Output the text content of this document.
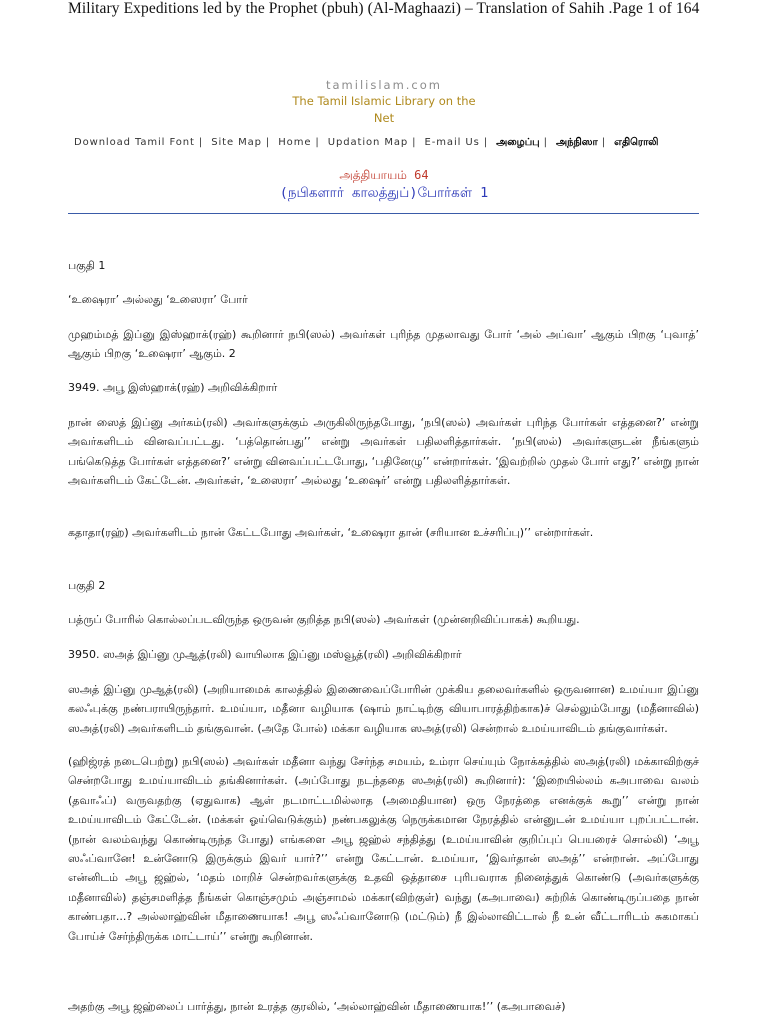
Military Expeditions led by the Prophet (pbuh) (Al-Maghaazi) – Translation of Sahih .Page 1 of 164
tamilislam.com
The Tamil Islamic Library on the
Net
Download Tamil Font | Site Map | Home | Updation Map | E-mail Us | அழைப்பு | அந்நிஸா | எதிரொலி
அத்தியாயம் 64
(நபிகளார் காலத்துப்)போர்கள் 1

பகுதி 1

‘உஷைரா’ அல்லது ‘உஸைரா’ போர்

முஹம்மத் இப்னு இஸ்ஹாக்(ரஹ்) கூறினார் நபி(ஸல்) அவர்கள் புரிந்த முதலாவது போர் ‘அல் அப்வா’ ஆகும் பிறகு ‘புவாத்’ ஆகும் பிறகு ‘உஷைரா’ ஆகும். 2

3949. அபூ இஸ்ஹாக்(ரஹ்) அறிவிக்கிறார்

நான் ஸைத் இப்னு அர்கம்(ரலி) அவர்களுக்கும் அருகிலிருந்தபோது, ‘நபி(ஸல்) அவர்கள் புரிந்த போர்கள் எத்தனை?’ என்று அவர்களிடம் வினவப்பட்டது. ‘பத்தொன்பது’’ என்று அவர்கள் பதிலளித்தார்கள். ‘நபி(ஸல்) அவர்களுடன் நீங்களும் பங்கெடுத்த போர்கள் எத்தனை?’ என்று வினவப்பட்டபோது, ‘பதினேழு’’ என்றார்கள். ‘இவற்றில் முதல் போர் எது?’ என்று நான் அவர்களிடம் கேட்டேன். அவர்கள், ‘உஸைரா’ அல்லது ‘உஷைர்’ என்று பதிலளித்தார்கள்.

கதாதா(ரஹ்) அவர்களிடம் நான் கேட்டபோது அவர்கள், ‘உஷைரா தான் (சரியான உச்சரிப்பு)’’ என்றார்கள்.

பகுதி 2

பத்ருப் போரில் கொல்லப்படவிருந்த ஒருவன் குறித்த நபி(ஸல்) அவர்கள் (முன்னறிவிப்பாகக்) கூறியது.

3950. ஸஅத் இப்னு முஆத்(ரலி) வாயிலாக இப்னு மஸ்வூத்(ரலி) அறிவிக்கிறார்

ஸஅத் இப்னு முஆத்(ரலி) (அறியாமைக் காலத்தில் இணைவைப்போரின் முக்கிய தலைவர்களில் ஒருவனான) உமய்யா இப்னு கலஃபுக்கு நண்பராயிருந்தார். உமய்யா, மதீனா வழியாக (ஷாம் நாட்டிற்கு வியாபாரத்திற்காக)ச் செல்லும்போது (மதீனாவில்) ஸஅத்(ரலி) அவர்களிடம் தங்குவான். (அதே போல்) மக்கா வழியாக ஸஅத்(ரலி) சென்றால் உமய்யாவிடம் தங்குவார்கள்.

(ஹிஜ்ரத் நடைபெற்று) நபி(ஸல்) அவர்கள் மதீனா வந்து சேர்ந்த சமயம், உம்ரா செய்யும் நோக்கத்தில் ஸஅத்(ரலி) மக்காவிற்குச் சென்றபோது உமய்யாவிடம் தங்கினார்கள். (அப்போது நடந்ததை ஸஅத்(ரலி) கூறினார்): ‘இறையில்லம் கஅபாவை வலம் (தவாஃப்) வருவதற்கு (ஏதுவாக) ஆள் நடமாட்டமில்லாத (அமைதியான) ஒரு நேரத்தை எனக்குக் கூறு’’ என்று நான் உமய்யாவிடம் கேட்டேன். (மக்கள் ஓய்வெடுக்கும்) நண்பகலுக்கு நெருக்கமான நேரத்தில் என்னுடன் உமய்யா புறப்பட்டான். (நான் வலம்வந்து கொண்டிருந்த போது) எங்களை அபூ ஜஹ்ல் சந்தித்து (உமய்யாவின் குறிப்புப் பெயரைச் சொல்லி) ‘அபூ ஸஃப்வானே! உன்னோடு இருக்கும் இவர் யார்?’’ என்று கேட்டான். உமய்யா, ‘இவர்தான் ஸஅத்’’ என்றான். அப்போது என்னிடம் அபூ ஜஹ்ல், ‘மதம் மாறிச் சென்றவர்களுக்கு உதவி ஒத்தாசை புரிபவராக நினைத்துக் கொண்டு (அவர்களுக்கு மதீனாவில்) தஞ்சமளித்த நீங்கள் கொஞ்சமும் அஞ்சாமல் மக்கா(விற்குள்) வந்து (கஅபாவை) சுற்றிக் கொண்டிருப்பதை நான் காண்பதா...? அல்லாஹ்வின் மீதாணையாக! அபூ ஸஃப்வானோடு (மட்டும்) நீ இல்லாவிட்டால் நீ உன் வீட்டாரிடம் சுகமாகப் போய்ச் சேர்ந்திருக்க மாட்டாய்’’ என்று கூறினான்.

அதற்கு அபூ ஜஹ்லைப் பார்த்து, நான் உரத்த குரலில், ‘அல்லாஹ்வின் மீதாணையாக!’’ (கஅபாவைச்)
